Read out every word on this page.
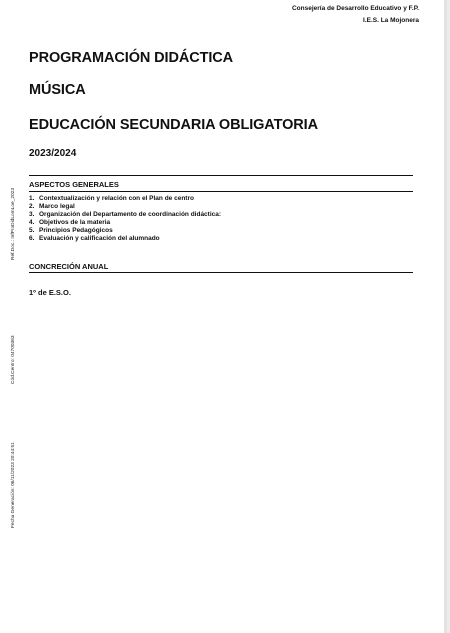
Consejería de Desarrollo Educativo y F.P.
I.E.S. La Mojonera
PROGRAMACIÓN DIDÁCTICA
MÚSICA
EDUCACIÓN SECUNDARIA OBLIGATORIA
2023/2024
ASPECTOS GENERALES
1. Contextualización y relación con el Plan de centro
2. Marco legal
3. Organización del Departamento de coordinación didáctica:
4. Objetivos de la materia
5. Principios Pedagógicos
6. Evaluación y calificación del alumnado
CONCRECIÓN ANUAL
1º de E.S.O.
Ref.Doc.: InfProDidLomLoe_2023
Cód.Centro: 04700363
Fecha Generación: 06/11/2023 20:44:51
